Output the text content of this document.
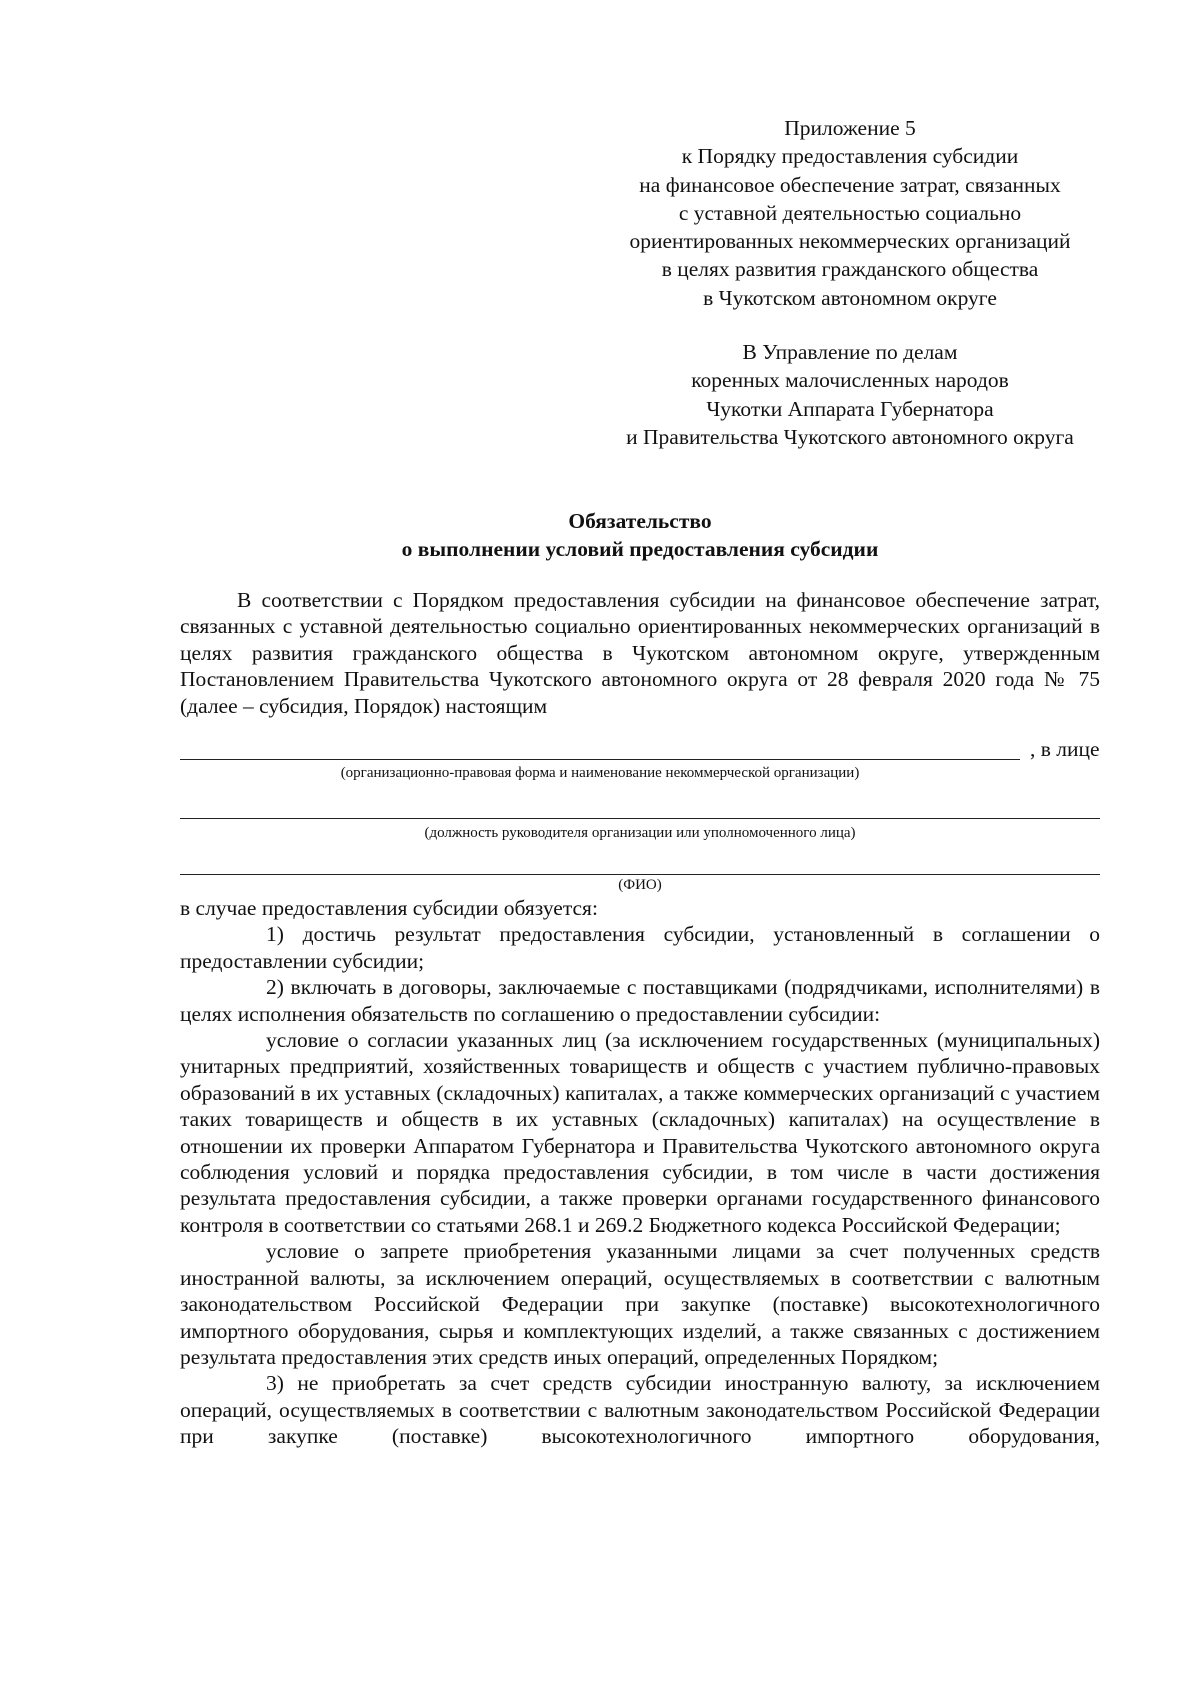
Приложение 5
к Порядку предоставления субсидии
на финансовое обеспечение затрат, связанных
с уставной деятельностью социально
ориентированных некоммерческих организаций
в целях развития гражданского общества
в Чукотском автономном округе
В Управление по делам
коренных малочисленных народов
Чукотки Аппарата Губернатора
и Правительства Чукотского автономного округа
Обязательство
о выполнении условий предоставления субсидии

В соответствии с Порядком предоставления субсидии на финансовое обеспечение затрат, связанных с уставной деятельностью социально ориентированных некоммерческих организаций в целях развития гражданского общества в Чукотском автономном округе, утвержденным Постановлением Правительства Чукотского автономного округа от 28 февраля 2020 года № 75 (далее – субсидия, Порядок) настоящим

, в лице
(организационно-правовая форма и наименование некоммерческой организации)
(должность руководителя организации или уполномоченного лица)
(ФИО)

в случае предоставления субсидии обязуется:

1) достичь результат предоставления субсидии, установленный в соглашении о предоставлении субсидии;

2) включать в договоры, заключаемые с поставщиками (подрядчиками, исполнителями) в целях исполнения обязательств по соглашению о предоставлении субсидии:

условие о согласии указанных лиц (за исключением государственных (муниципальных) унитарных предприятий, хозяйственных товариществ и обществ с участием публично-правовых образований в их уставных (складочных) капиталах, а также коммерческих организаций с участием таких товариществ и обществ в их уставных (складочных) капиталах) на осуществление в отношении их проверки Аппаратом Губернатора и Правительства Чукотского автономного округа соблюдения условий и порядка предоставления субсидии, в том числе в части достижения результата предоставления субсидии, а также проверки органами государственного финансового контроля в соответствии со статьями 268.1 и 269.2 Бюджетного кодекса Российской Федерации;

условие о запрете приобретения указанными лицами за счет полученных средств иностранной валюты, за исключением операций, осуществляемых в соответствии с валютным законодательством Российской Федерации при закупке (поставке) высокотехнологичного импортного оборудования, сырья и комплектующих изделий, а также связанных с достижением результата предоставления этих средств иных операций, определенных Порядком;

3) не приобретать за счет средств субсидии иностранную валюту, за исключением операций, осуществляемых в соответствии с валютным законодательством Российской Федерации при закупке (поставке) высокотехнологичного импортного оборудования,
